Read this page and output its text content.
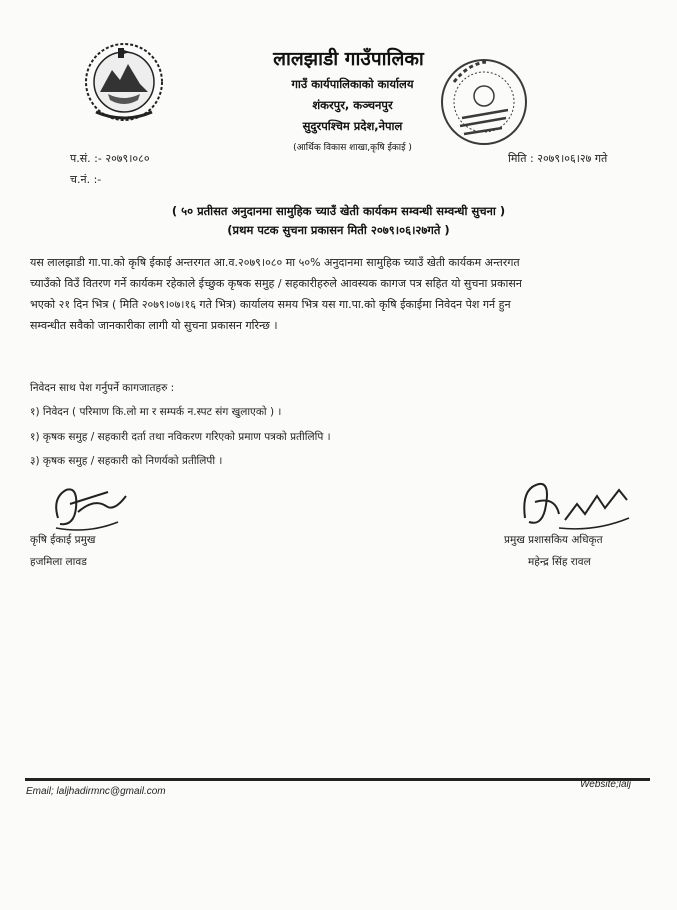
लालझाडी गाउँपालिका
गाउँ कार्यपालिकाको कार्यालय
शंकरपुर, कञ्चनपुर
सुदुरपश्चिम प्रदेश,नेपाल
(आर्थिक विकास शाखा,कृषि ईकाई )
प.सं. :- २०७९।०८०
च.नं. :-
मिति : २०७९।०६।२७ गते
( ५० प्रतीसत अनुदानमा सामुहिक च्याउँ खेती कार्यकम सम्वन्धी सम्वन्धी सुचना )
(प्रथम पटक सुचना प्रकासन मिती २०७९।०६।२७गते )
यस लालझाडी गा.पा.को कृषि ईकाई अन्तरगत आ.व.२०७९।०८० मा ५०% अनुदानमा सामुहिक च्याउँ खेती कार्यकम अन्तरगत
च्याउँको विउँ वितरण गर्ने कार्यकम रहेकाले ईच्छुक कृषक समुह / सहकारीहरुले आवस्यक कागज पत्र सहित यो सुचना प्रकासन
भएको २१ दिन भित्र ( मिति २०७९।०७।१६ गते भित्र) कार्यालय समय भित्र यस गा.पा.को कृषि ईकाईमा निवेदन पेश गर्न हुन
सम्वन्धीत सवैको जानकारीका लागी यो सुचना प्रकासन गरिन्छ ।
निवेदन साथ पेश गर्नुपर्ने कागजातहरु :
१) निवेदन ( परिमाण कि.लो मा र सम्पर्क न.स्पट संग खुलाएको ) ।
१) कृषक समुह / सहकारी दर्ता तथा नविकरण गरिएको प्रमाण पत्रको प्रतीलिपि ।
३) कृषक समुह / सहकारी को निणर्यको प्रतीलिपी ।
कृषि ईकाई प्रमुख
हजमिला लावड
प्रमुख प्रशासकिय अधिकृत
महेन्द्र सिंह रावल
Email; laljhadirmnc@gmail.com
Website;lalj
